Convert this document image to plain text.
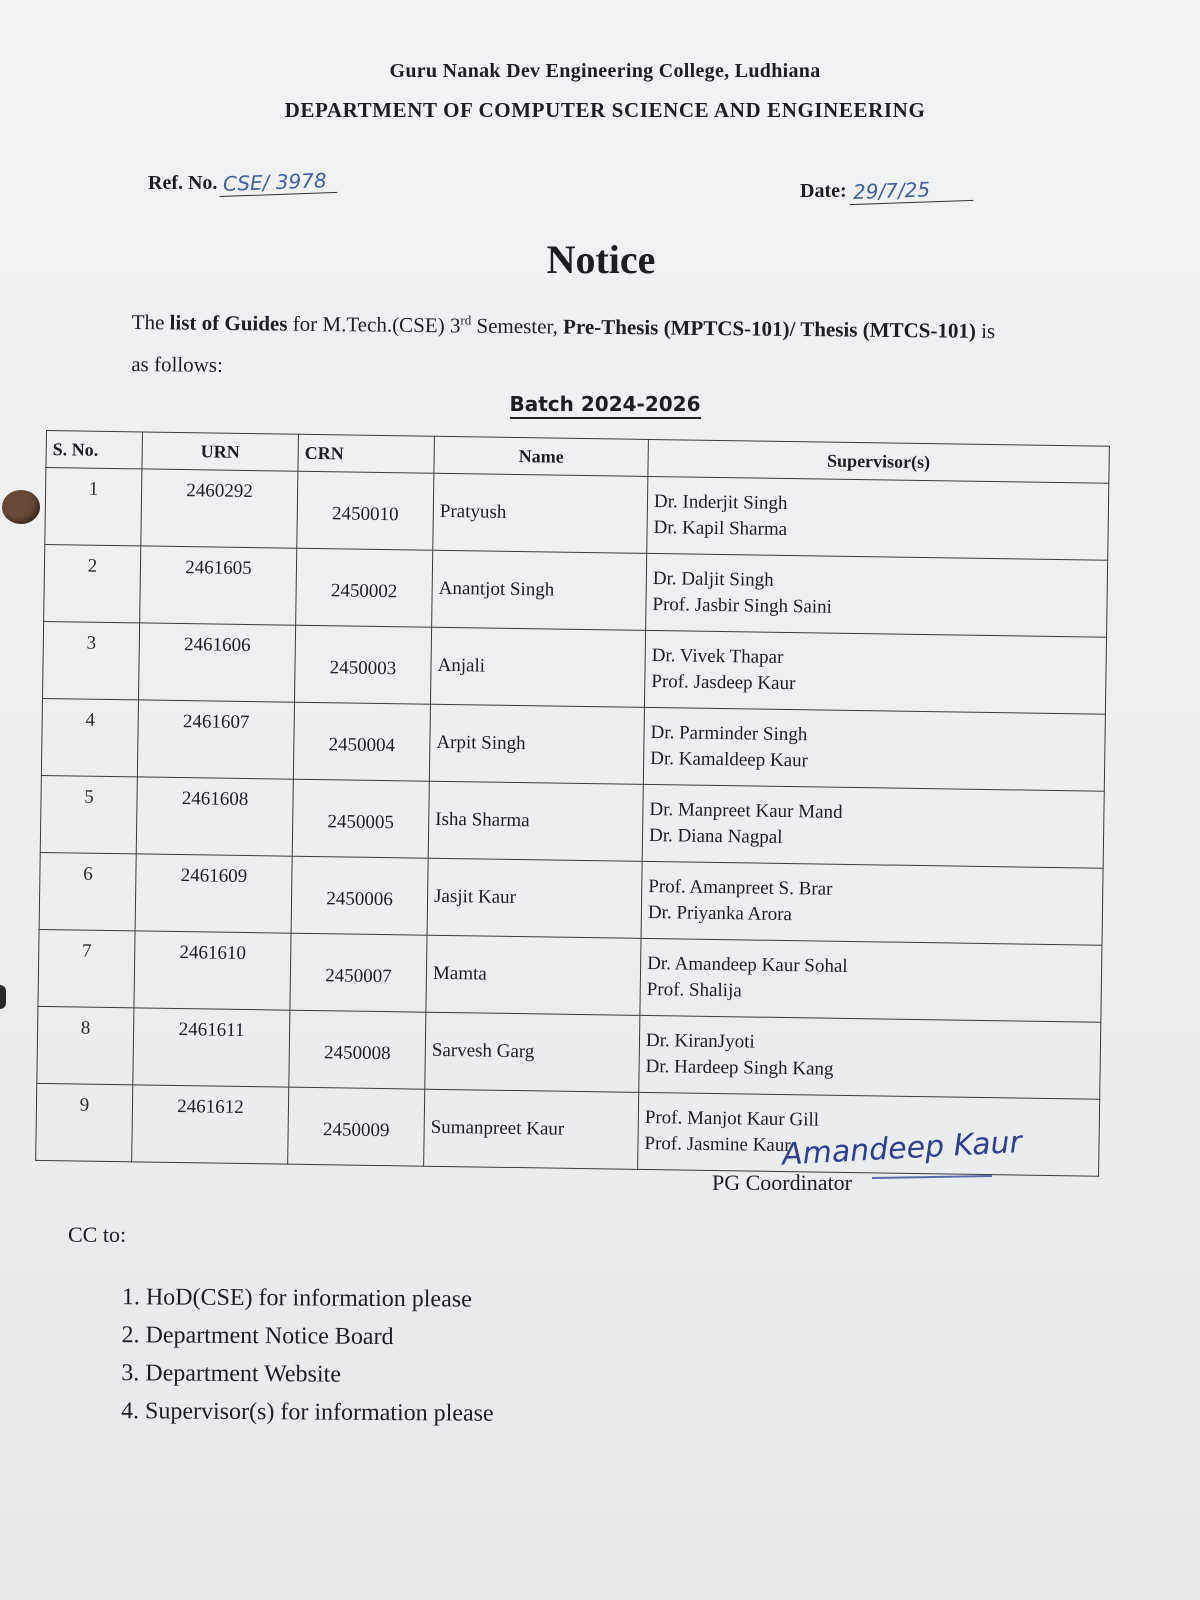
Guru Nanak Dev Engineering College, Ludhiana
DEPARTMENT OF COMPUTER SCIENCE AND ENGINEERING
Ref. No. CSE/ 3978	Date: 29/7/25
Notice
The list of Guides for M.Tech.(CSE) 3rd Semester, Pre-Thesis (MPTCS-101)/ Thesis (MTCS-101) is as follows:
Batch 2024-2026
S. No.	URN	CRN	Name	Supervisor(s)
1	2460292	2450010	Pratyush	Dr. Inderjit Singh
Dr. Kapil Sharma

2	2461605	2450002	Anantjot Singh	Dr. Daljit Singh
Prof. Jasbir Singh Saini

3	2461606	2450003	Anjali	Dr. Vivek Thapar
Prof. Jasdeep Kaur

4	2461607	2450004	Arpit Singh	Dr. Parminder Singh
Dr. Kamaldeep Kaur

5	2461608	2450005	Isha Sharma	Dr. Manpreet Kaur Mand
Dr. Diana Nagpal

6	2461609	2450006	Jasjit Kaur	Prof. Amanpreet S. Brar
Dr. Priyanka Arora

7	2461610	2450007	Mamta	Dr. Amandeep Kaur Sohal
Prof. Shalija

8	2461611	2450008	Sarvesh Garg	Dr. KiranJyoti
Dr. Hardeep Singh Kang

9	2461612	2450009	Sumanpreet Kaur	Prof. Manjot Kaur Gill
Prof. Jasmine Kaur
Amandeep Kaur
PG Coordinator
CC to:
1. HoD(CSE) for information please
2. Department Notice Board
3. Department Website
4. Supervisor(s) for information please
